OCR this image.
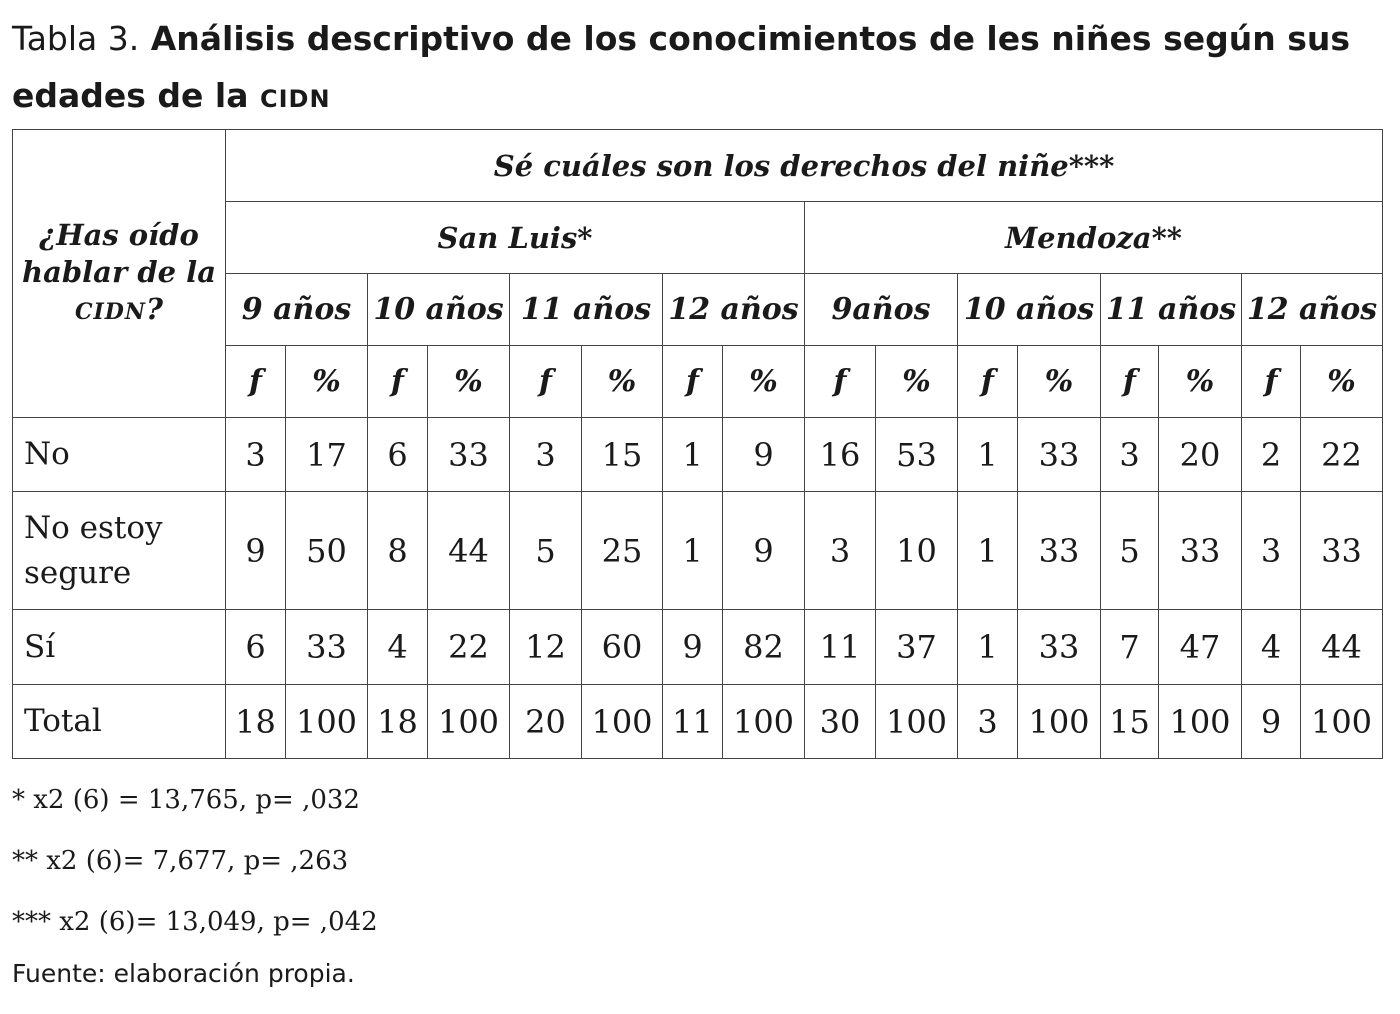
Tabla 3. Análisis descriptivo de los conocimientos de les niñes según sus edades de la CIDN
¿Has oído hablar de la CIDN?	Sé cuáles son los derechos del niñe***															
	San Luis*								Mendoza**							
	9 años		10 años		11 años		12 años		9años		10 años		11 años		12 años	
	f	%	f	%	f	%	f	%	f	%	f	%	f	%	f	%
No	3	17	6	33	3	15	1	9	16	53	1	33	3	20	2	22
No estoy segure	9	50	8	44	5	25	1	9	3	10	1	33	5	33	3	33
Sí	6	33	4	22	12	60	9	82	11	37	1	33	7	47	4	44
Total	18	100	18	100	20	100	11	100	30	100	3	100	15	100	9	100
* x2 (6) = 13,765, p= ,032
** x2 (6)= 7,677, p= ,263
*** x2 (6)= 13,049, p= ,042
Fuente: elaboración propia.
